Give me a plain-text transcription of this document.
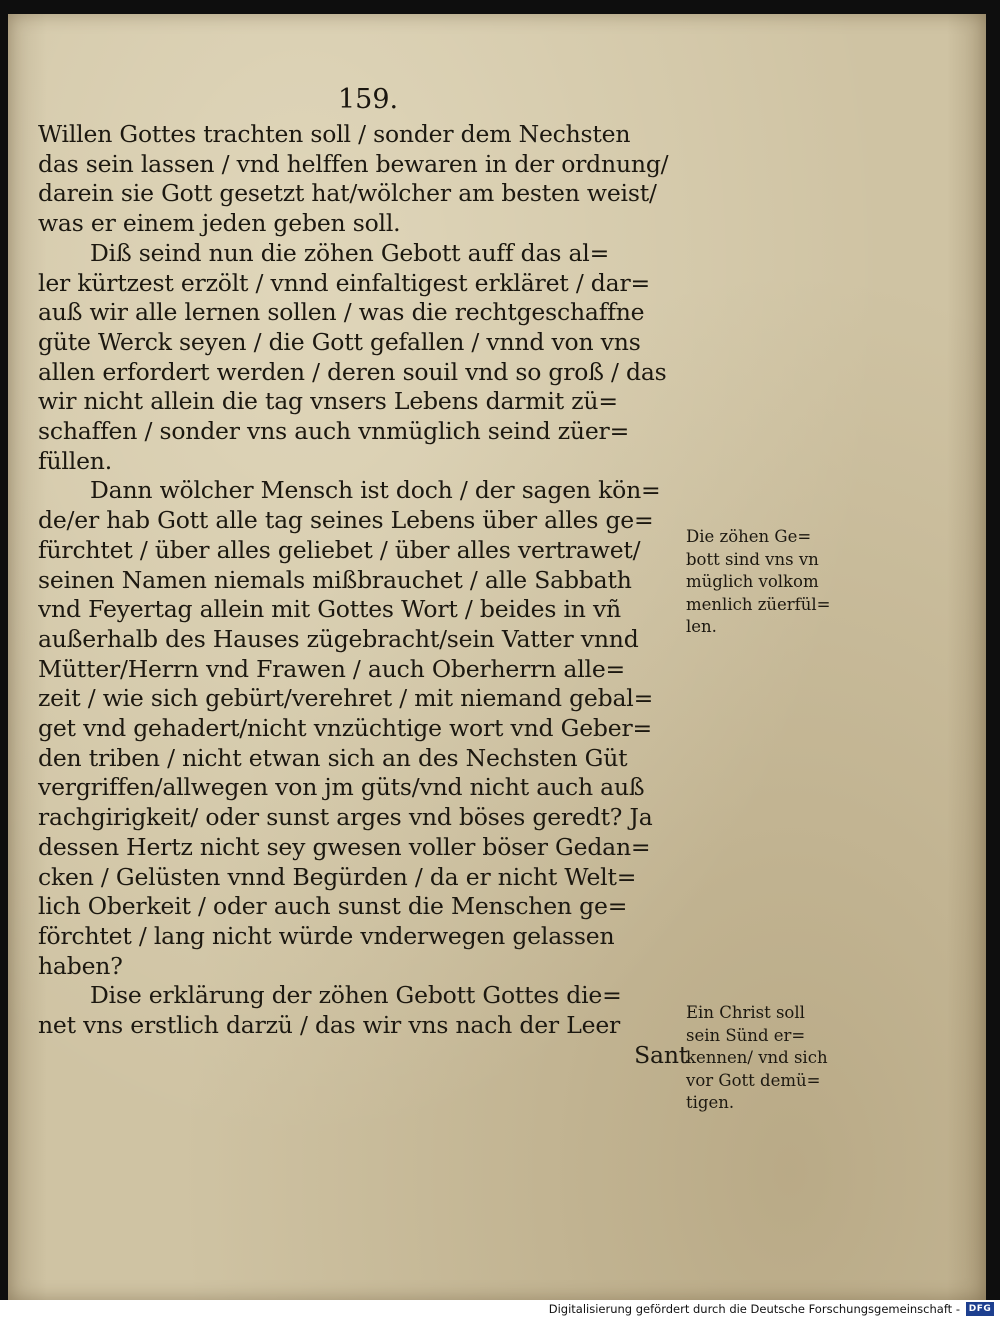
159.
Willen Gottes trachten soll / sonder dem Nechsten
das sein lassen / vnd helffen bewaren in der ordnung/
darein sie Gott gesetzt hat/wölcher am besten weist/
was er einem jeden geben soll.
Diß seind nun die zöhen Gebott auff das al=
ler kürtzest erzölt / vnnd einfaltigest erkläret / dar=
auß wir alle lernen sollen / was die rechtgeschaffne
güte Werck seyen / die Gott gefallen / vnnd von vns
allen erfordert werden / deren souil vnd so groß / das
wir nicht allein die tag vnsers Lebens darmit zü=
schaffen / sonder vns auch vnmüglich seind züer=
füllen.
Dann wölcher Mensch ist doch / der sagen kön=
de/er hab Gott alle tag seines Lebens über alles ge=
fürchtet / über alles geliebet / über alles vertrawet/
seinen Namen niemals mißbrauchet / alle Sabbath
vnd Feyertag allein mit Gottes Wort / beides in vñ
außerhalb des Hauses zügebracht/sein Vatter vnnd
Mütter/Herrn vnd Frawen / auch Oberherrn alle=
zeit / wie sich gebürt/verehret / mit niemand gebal=
get vnd gehadert/nicht vnzüchtige wort vnd Geber=
den triben / nicht etwan sich an des Nechsten Güt
vergriffen/allwegen von jm güts/vnd nicht auch auß
rachgirigkeit/ oder sunst arges vnd böses geredt? Ja
dessen Hertz nicht sey gwesen voller böser Gedan=
cken / Gelüsten vnnd Begürden / da er nicht Welt=
lich Oberkeit / oder auch sunst die Menschen ge=
förchtet / lang nicht würde vnderwegen gelassen
haben?
Dise erklärung der zöhen Gebott Gottes die=
net vns erstlich darzü / das wir vns nach der Leer
Sant
Die zöhen Ge=
bott sind vns vn
müglich volkom
menlich züerfül=
len.
Ein Christ soll
sein Sünd er=
kennen/ vnd sich
vor Gott demü=
tigen.
Digitalisierung gefördert durch die Deutsche Forschungsgemeinschaft - DFG
